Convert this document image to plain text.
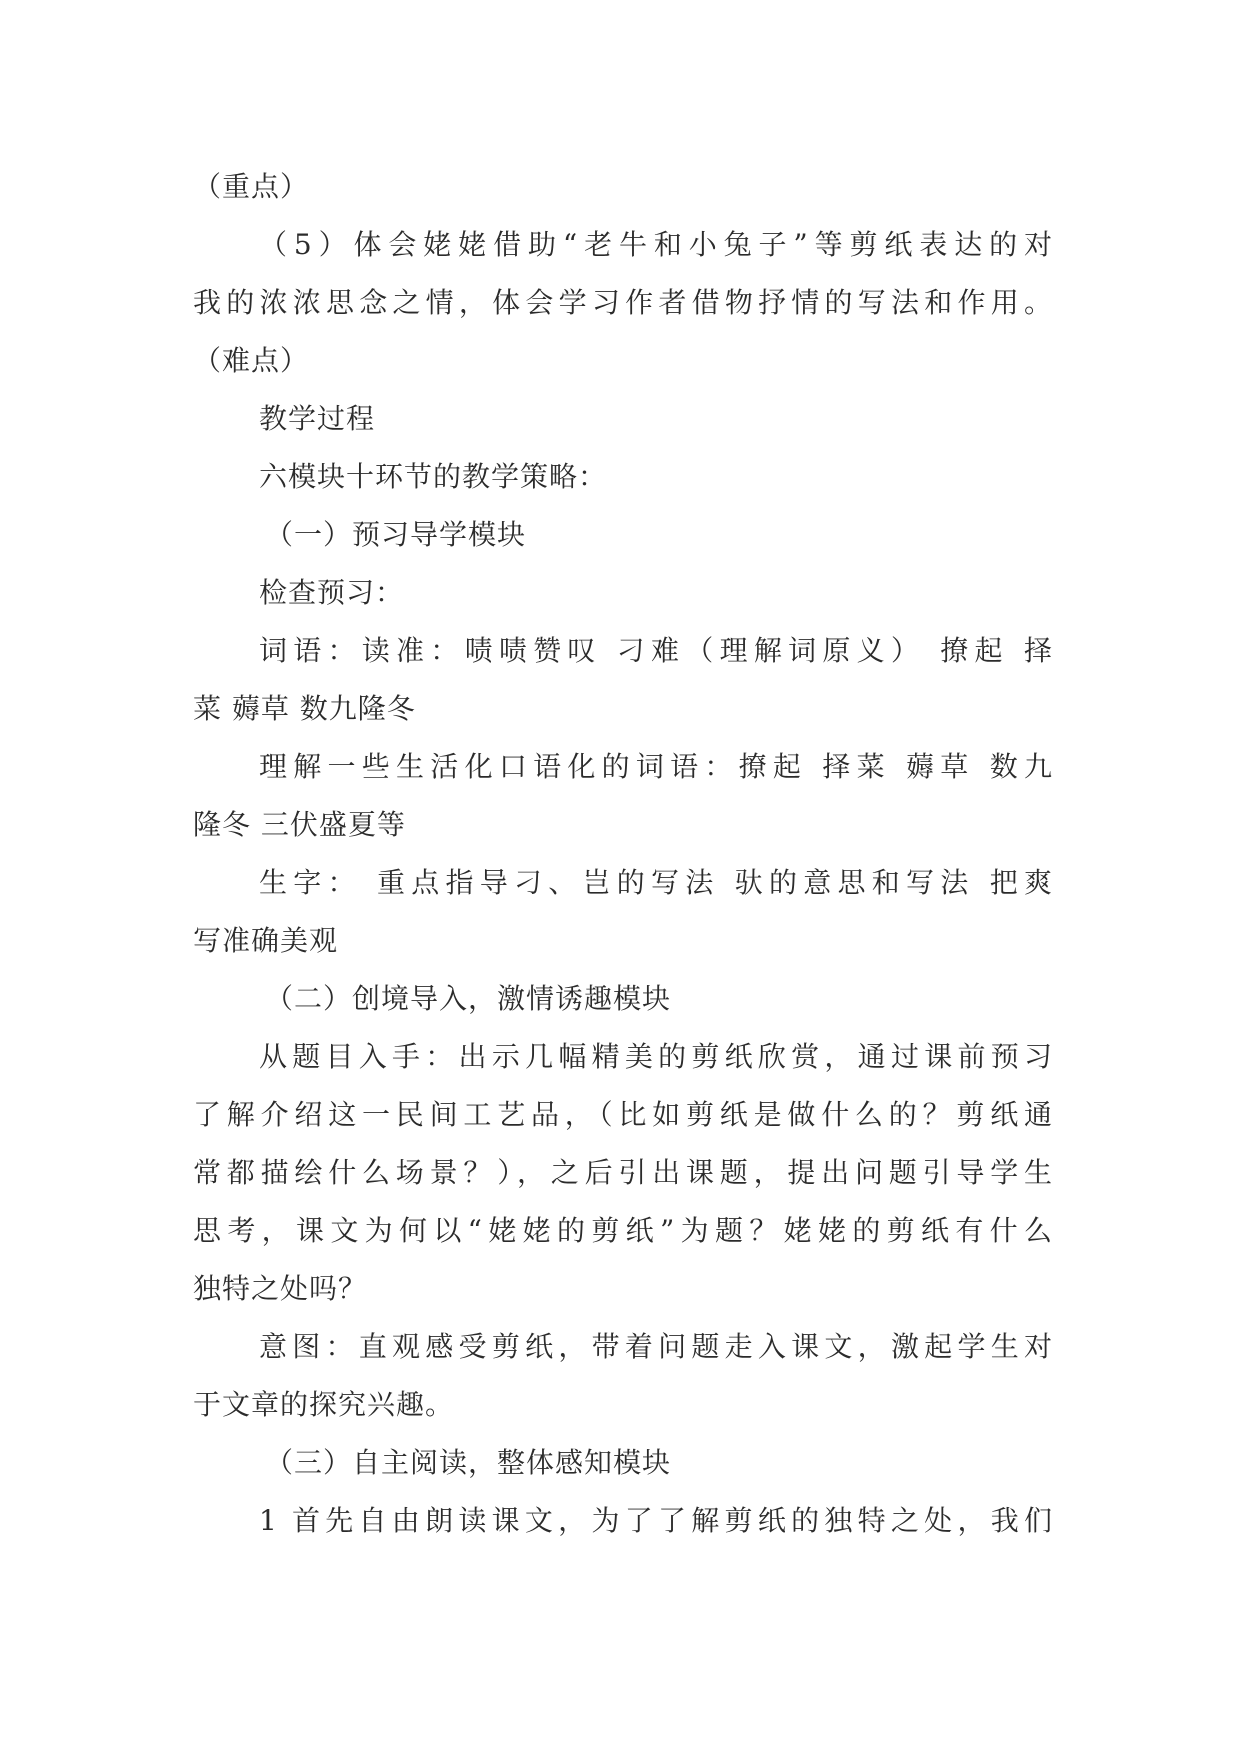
（重点）
（5）体会姥姥借助“老牛和小兔子”等剪纸表达的对
我的浓浓思念之情，体会学习作者借物抒情的写法和作用。
（难点）
教学过程
六模块十环节的教学策略：
（一）预习导学模块
检查预习：
词语：读准：啧啧赞叹 刁难（理解词原义） 撩起 择
菜 薅草 数九隆冬
理解一些生活化口语化的词语：撩起 择菜 薅草 数九
隆冬 三伏盛夏等
生字： 重点指导刁、岂的写法 驮的意思和写法 把爽
写准确美观
（二）创境导入，激情诱趣模块
从题目入手：出示几幅精美的剪纸欣赏，通过课前预习
了解介绍这一民间工艺品，（比如剪纸是做什么的？剪纸通
常都描绘什么场景？），之后引出课题，提出问题引导学生
思考，课文为何以“姥姥的剪纸”为题？姥姥的剪纸有什么
独特之处吗？
意图：直观感受剪纸，带着问题走入课文，激起学生对
于文章的探究兴趣。
（三）自主阅读，整体感知模块
1 首先自由朗读课文，为了了解剪纸的独特之处，我们
